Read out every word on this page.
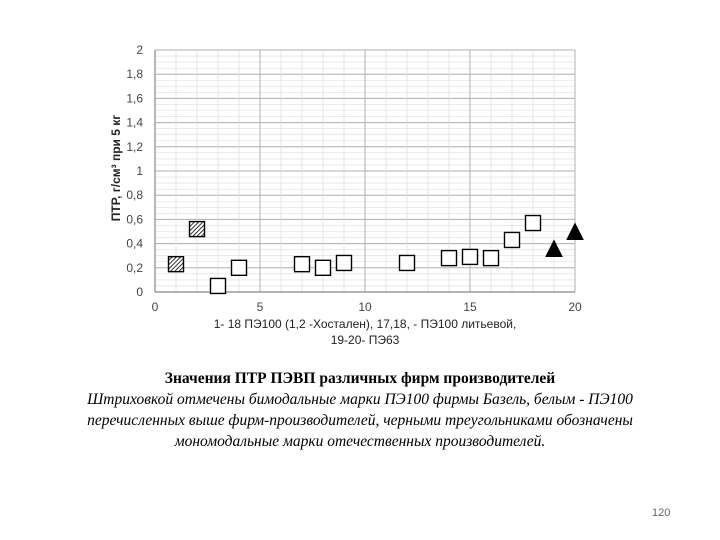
0
0,2
0,4
0,6
0,8
1
1,2
1,4
1,6
1,8
2
0	5	10	15	20
ПТР, г/см³ при 5 кг
1- 18 ПЭ100 (1,2 -Хостален), 17,18, - ПЭ100 литьевой,
19-20- ПЭ63
Значения ПТР ПЭВП различных фирм производителей
Штриховкой отмечены бимодальные марки ПЭ100 фирмы Базель, белым - ПЭ100 перечисленных выше фирм-производителей, черными треугольниками обозначены мономодальные марки отечественных производителей.
120
